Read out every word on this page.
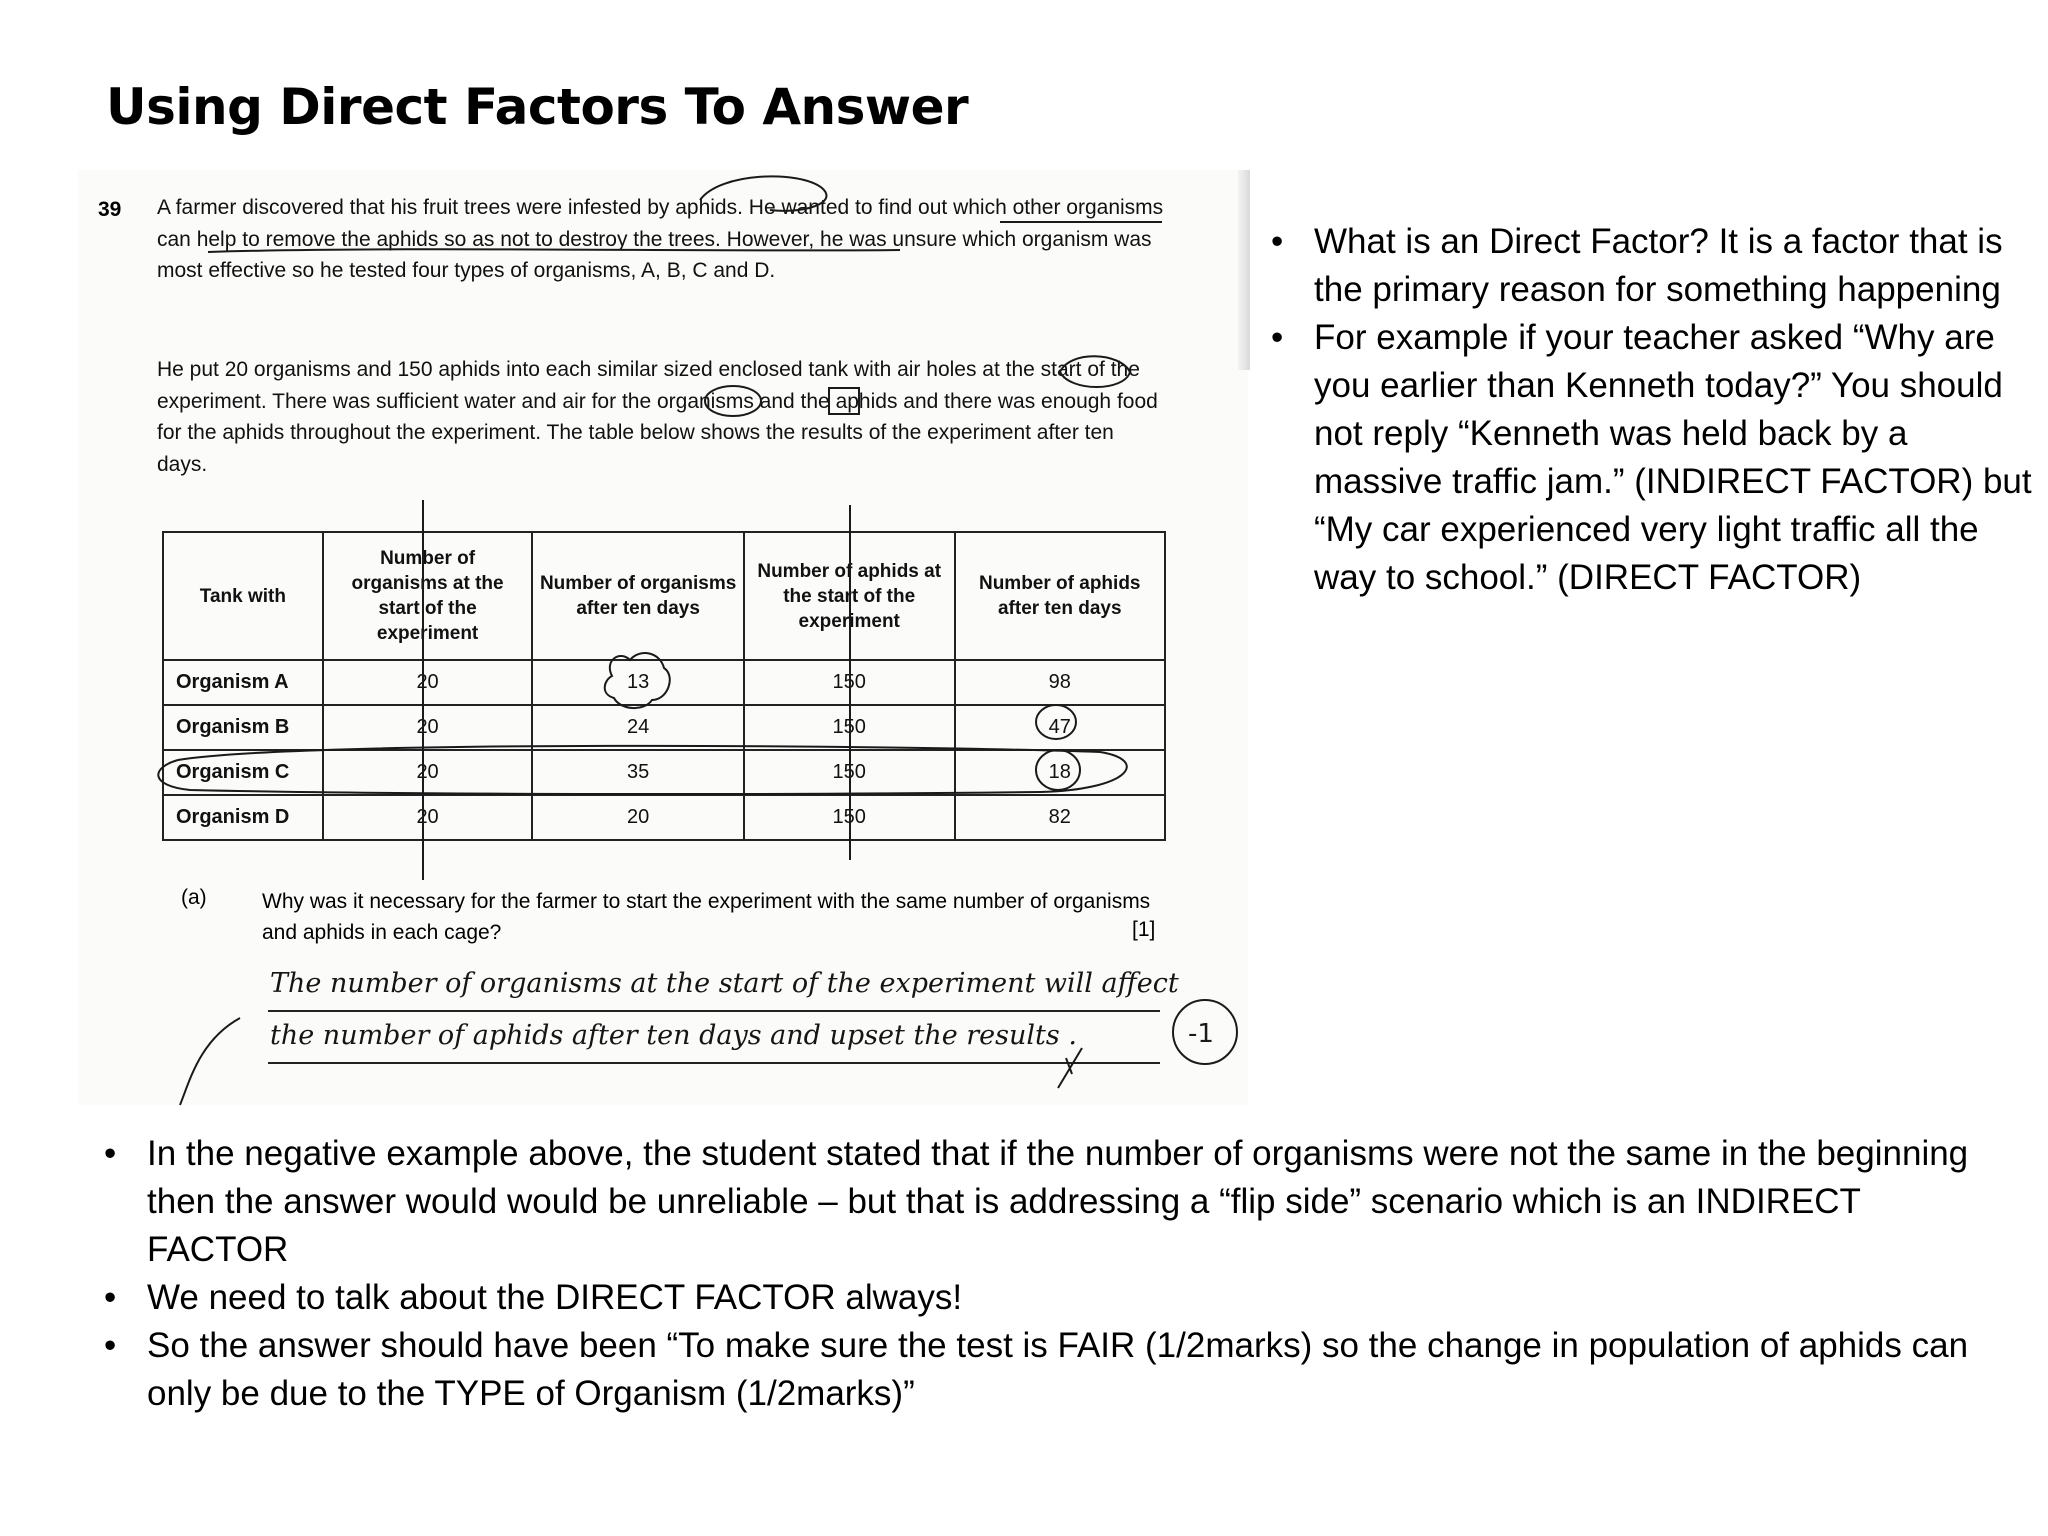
Using Direct Factors To Answer
39 A farmer discovered that his fruit trees were infested by aphids. He wanted to find out which other organisms can help to remove the aphids so as not to destroy the trees. However, he was unsure which organism was most effective so he tested four types of organisms, A, B, C and D.
He put 20 organisms and 150 aphids into each similar sized enclosed tank with air holes at the start of the experiment. There was sufficient water and air for the organisms and the aphids and there was enough food for the aphids throughout the experiment. The table below shows the results of the experiment after ten days.
Tank with	Number of organisms at the start of the experiment	Number of organisms after ten days	Number of aphids at the start of the experiment	Number of aphids after ten days
Organism A	20	13	150	98
Organism B	20	24	150	47
Organism C	20	35	150	18
Organism D	20	20	150	82
(a)	Why was it necessary for the farmer to start the experiment with the same number of organisms and aphids in each cage?	[1]
The number of organisms at the start of the experiment will affect
the number of aphids after ten days and upset the results .	-1
• What is an Direct Factor? It is a factor that is the primary reason for something happening
• For example if your teacher asked “Why are you earlier than Kenneth today?” You should not reply “Kenneth was held back by a massive traffic jam.” (INDIRECT FACTOR) but “My car experienced very light traffic all the way to school.” (DIRECT FACTOR)
• In the negative example above, the student stated that if the number of organisms were not the same in the beginning then the answer would would be unreliable – but that is addressing a “flip side” scenario which is an INDIRECT FACTOR
• We need to talk about the DIRECT FACTOR always!
• So the answer should have been “To make sure the test is FAIR (1/2marks) so the change in population of aphids can only be due to the TYPE of Organism (1/2marks)”
